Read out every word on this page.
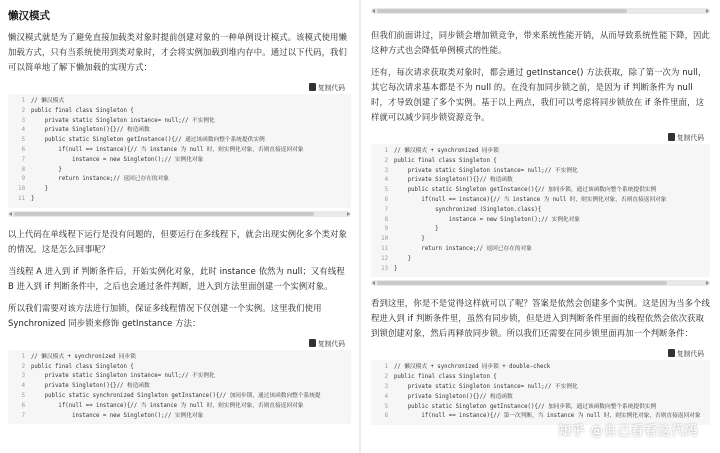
懒汉模式

懒汉模式就是为了避免直接加载类对象时提前创建对象的一种单例设计模式。该模式使用懒加载方式，只有当系统使用到类对象时，才会将实例加载到堆内存中。通过以下代码，我们可以简单地了解下懒加载的实现方式：

复制代码
1 // 懒汉模式
2 public final class Singleton {
3    private static Singleton instance= null;// 不实例化
4    private Singleton(){}// 构造函数
5    public static Singleton getInstance(){// 通过该函数向整个系统提供实例
6        if(null == instance){// 当 instance 为 null 时，则实例化对象，否则直接返回对象
7            instance = new Singleton();// 实例化对象
8        }
9        return instance;// 返回已存在的对象
10    }
11 }

以上代码在单线程下运行是没有问题的，但要运行在多线程下，就会出现实例化多个类对象的情况。这是怎么回事呢？

当线程 A 进入到 if 判断条件后，开始实例化对象，此时 instance 依然为 null；又有线程 B 进入到 if 判断条件中，之后也会通过条件判断，进入到方法里面创建一个实例对象。

所以我们需要对该方法进行加锁，保证多线程情况下仅创建一个实例。这里我们使用 Synchronized 同步锁来修饰 getInstance 方法：

复制代码
1 // 懒汉模式 + synchronized 同步锁
2 public final class Singleton {
3    private static Singleton instance= null;// 不实例化
4    private Singleton(){}// 构造函数
5    public static synchronized Singleton getInstance(){// 加同步锁，通过该函数向整个系统提
6        if(null == instance){// 当 instance 为 null 时，则实例化对象，否则直接返回对象
7            instance = new Singleton();// 实例化对象

但我们前面讲过，同步锁会增加锁竞争，带来系统性能开销，从而导致系统性能下降，因此这种方式也会降低单例模式的性能。

还有，每次请求获取类对象时，都会通过 getInstance() 方法获取，除了第一次为 null，其它每次请求基本都是不为 null 的。在没有加同步锁之前，是因为 if 判断条件为 null 时，才导致创建了多个实例。基于以上两点，我们可以考虑将同步锁放在 if 条件里面，这样就可以减少同步锁资源竞争。

复制代码
1 // 懒汉模式 + synchronized 同步锁
2 public final class Singleton {
3    private static Singleton instance= null;// 不实例化
4    private Singleton(){}// 构造函数
5    public static Singleton getInstance(){// 加同步锁，通过该函数向整个系统提供实例
6        if(null == instance){// 当 instance 为 null 时，则实例化对象，否则直接返回对象
7            synchronized (Singleton.class){
8                instance = new Singleton();// 实例化对象
9            }
10        }
11        return instance;// 返回已存在的对象
12    }
13 }

看到这里，你是不是觉得这样就可以了呢？答案是依然会创建多个实例。这是因为当多个线程进入到 if 判断条件里，虽然有同步锁，但是进入到判断条件里面的线程依然会依次获取到锁创建对象，然后再释放同步锁。所以我们还需要在同步锁里面再加一个判断条件：

复制代码
1 // 懒汉模式 + synchronized 同步锁 + double-check
2 public final class Singleton {
3    private static Singleton instance= null;// 不实例化
4    private Singleton(){}// 构造函数
5    public static Singleton getInstance(){// 加同步锁，通过该函数向整个系统提供实例
6        if(null == instance){// 第一次判断，当 instance 为 null 时，则实例化对象，否则直接返回对象
知乎 @自己看看这代码
